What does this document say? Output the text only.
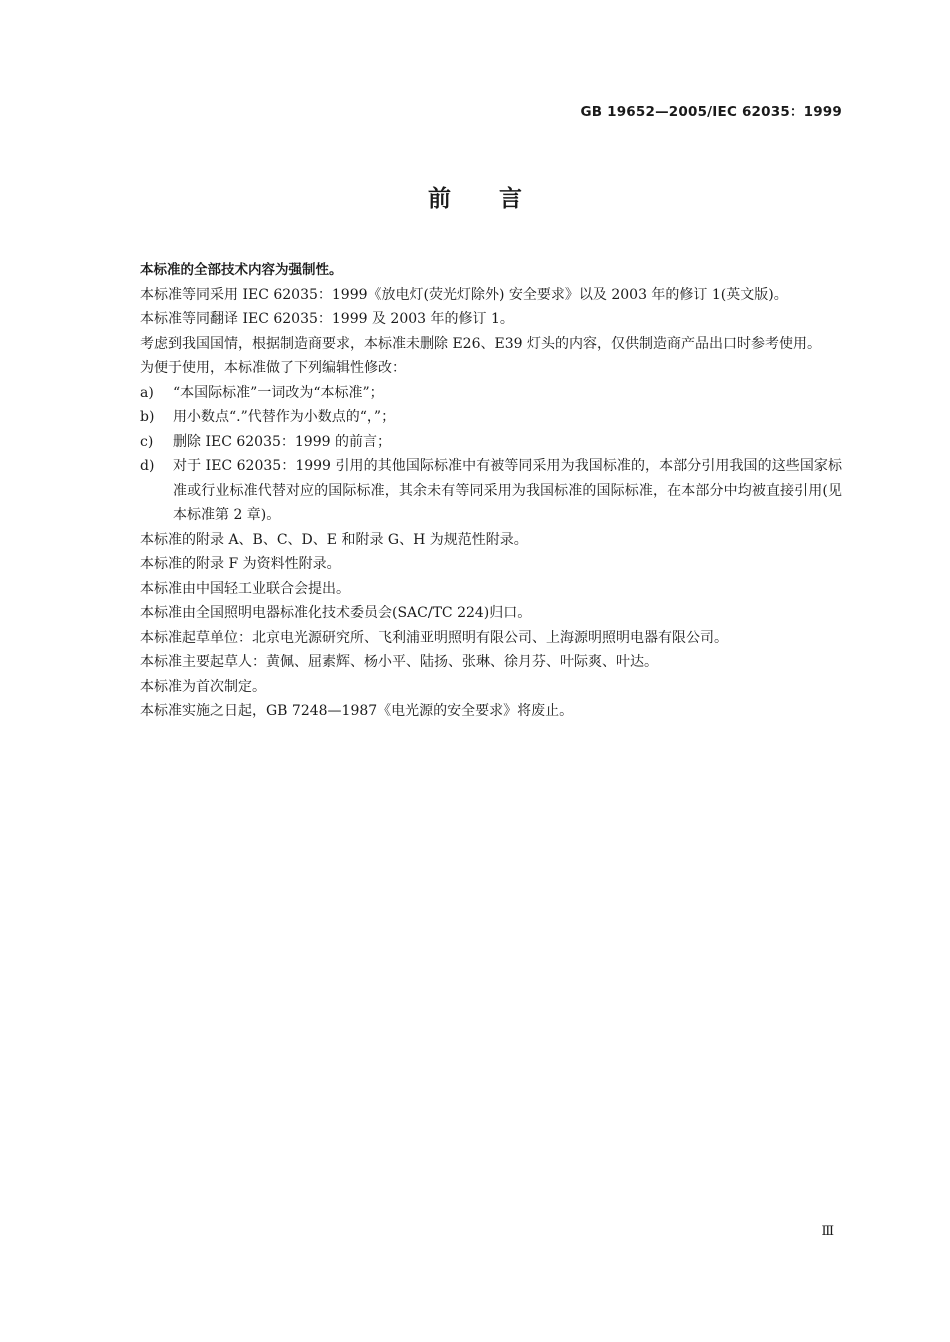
GB 19652—2005/IEC 62035：1999
前言

本标准的全部技术内容为强制性。

本标准等同采用 IEC 62035：1999《放电灯(荧光灯除外) 安全要求》以及 2003 年的修订 1(英文版)。

本标准等同翻译 IEC 62035：1999 及 2003 年的修订 1。

考虑到我国国情，根据制造商要求，本标准未删除 E26、E39 灯头的内容，仅供制造商产品出口时参考使用。

为便于使用，本标准做了下列编辑性修改：

a)	“本国际标准”一词改为“本标准”；
b)	用小数点“.”代替作为小数点的“，”；
c)	删除 IEC 62035：1999 的前言；
d)	对于 IEC 62035：1999 引用的其他国际标准中有被等同采用为我国标准的，本部分引用我国的这些国家标准或行业标准代替对应的国际标准，其余未有等同采用为我国标准的国际标准，在本部分中均被直接引用(见本标准第 2 章)。

本标准的附录 A、B、C、D、E 和附录 G、H 为规范性附录。

本标准的附录 F 为资料性附录。

本标准由中国轻工业联合会提出。

本标准由全国照明电器标准化技术委员会(SAC/TC 224)归口。

本标准起草单位：北京电光源研究所、飞利浦亚明照明有限公司、上海源明照明电器有限公司。

本标准主要起草人：黄佩、屈素辉、杨小平、陆扬、张琳、徐月芬、叶际爽、叶达。

本标准为首次制定。

本标准实施之日起，GB 7248—1987《电光源的安全要求》将废止。

Ⅲ
